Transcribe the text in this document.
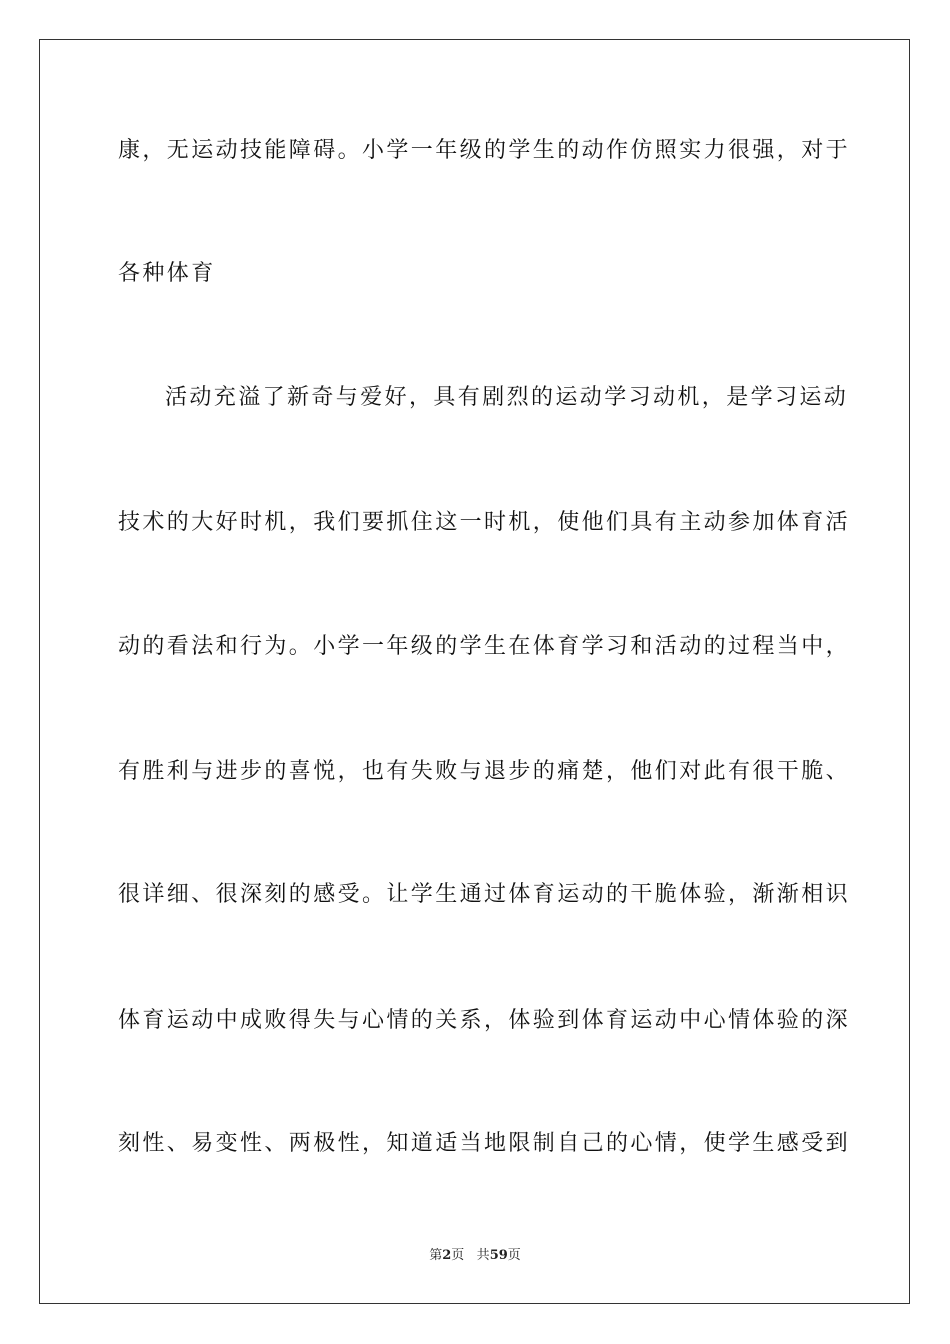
康，无运动技能障碍。小学一年级的学生的动作仿照实力很强，对于
各种体育
活动充溢了新奇与爱好，具有剧烈的运动学习动机，是学习运动
技术的大好时机，我们要抓住这一时机，使他们具有主动参加体育活
动的看法和行为。小学一年级的学生在体育学习和活动的过程当中，
有胜利与进步的喜悦，也有失败与退步的痛楚，他们对此有很干脆、
很详细、很深刻的感受。让学生通过体育运动的干脆体验，渐渐相识
体育运动中成败得失与心情的关系，体验到体育运动中心情体验的深
刻性、易变性、两极性，知道适当地限制自己的心情，使学生感受到
第2页 共59页
